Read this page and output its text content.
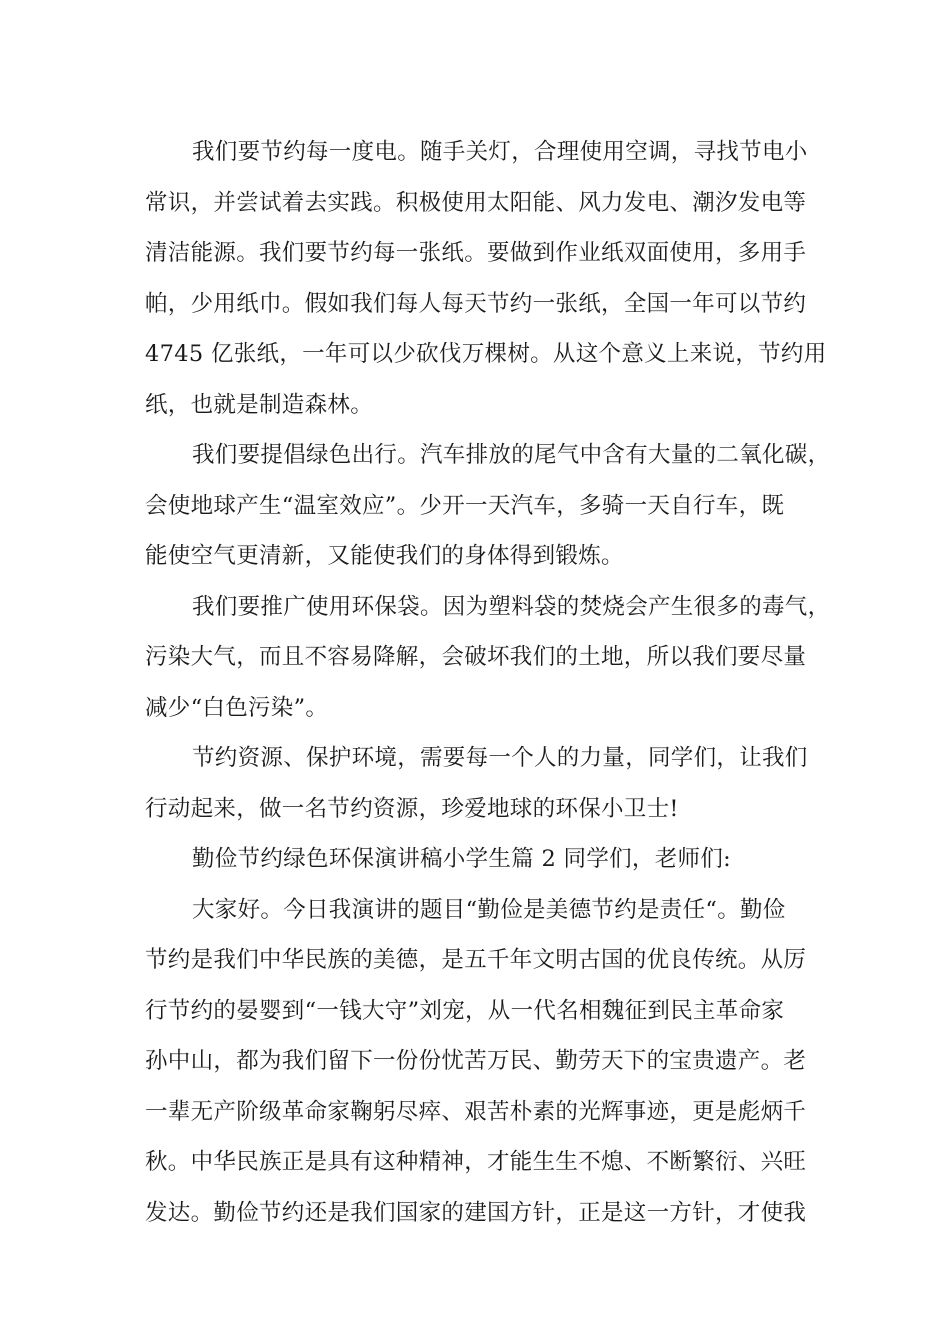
我们要节约每一度电。随手关灯，合理使用空调，寻找节电小
常识，并尝试着去实践。积极使用太阳能、风力发电、潮汐发电等
清洁能源。我们要节约每一张纸。要做到作业纸双面使用，多用手
帕，少用纸巾。假如我们每人每天节约一张纸，全国一年可以节约
4745 亿张纸，一年可以少砍伐万棵树。从这个意义上来说，节约用
纸，也就是制造森林。
我们要提倡绿色出行。汽车排放的尾气中含有大量的二氧化碳，
会使地球产生“温室效应”。少开一天汽车，多骑一天自行车，既
能使空气更清新，又能使我们的身体得到锻炼。
我们要推广使用环保袋。因为塑料袋的焚烧会产生很多的毒气，
污染大气，而且不容易降解，会破坏我们的土地，所以我们要尽量
减少“白色污染”。
节约资源、保护环境，需要每一个人的力量，同学们，让我们
行动起来，做一名节约资源，珍爱地球的环保小卫士!
勤俭节约绿色环保演讲稿小学生篇 2 同学们，老师们:
大家好。今日我演讲的题目“勤俭是美德节约是责任“。勤俭
节约是我们中华民族的美德，是五千年文明古国的优良传统。从厉
行节约的晏婴到“一钱大守”刘宠，从一代名相魏征到民主革命家
孙中山，都为我们留下一份份忧苦万民、勤劳天下的宝贵遗产。老
一辈无产阶级革命家鞠躬尽瘁、艰苦朴素的光辉事迹，更是彪炳千
秋。中华民族正是具有这种精神，才能生生不熄、不断繁衍、兴旺
发达。勤俭节约还是我们国家的建国方针，正是这一方针，才使我
